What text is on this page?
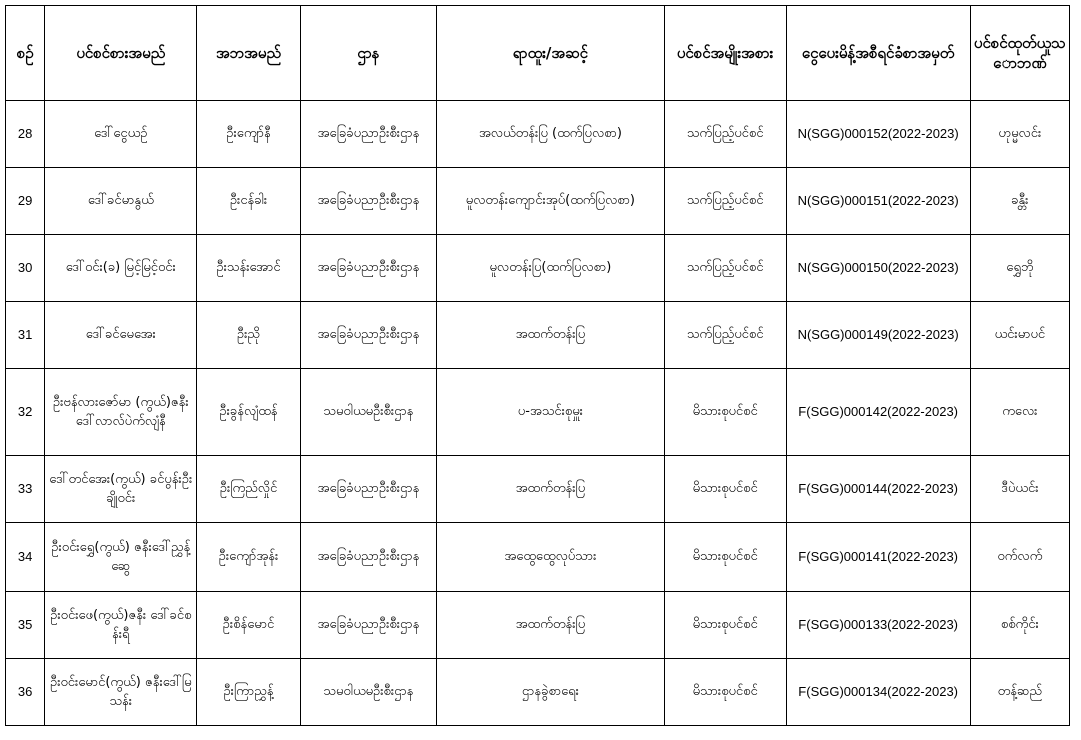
စဉ်	ပင်စင်စားအမည်	အဘအမည်	ဌာန	ရာထူး/အဆင့်	ပင်စင်အမျိုးအစား	ငွေပေးမိန့်အစီရင်ခံစာအမှတ်	ပင်စင်ထုတ်ယူသောဘဏ်
28	ဒေါ်ငွေယဉ်	ဦးကျော်နီ	အခြေခံပညာဦးစီးဌာန	အလယ်တန်းပြ (ထက်ပြလစာ)	သက်ပြည့်ပင်စင်	N(SGG)000152(2022-2023)	ဟုမ္မလင်း
29	ဒေါ်ခင်မာနွယ်	ဦးငန်ခါး	အခြေခံပညာဦးစီးဌာန	မူလတန်းကျောင်းအုပ်(ထက်ပြလစာ)	သက်ပြည့်ပင်စင်	N(SGG)000151(2022-2023)	ခန္တီး
30	ဒေါ်ဝင်း(ခ) မြင့်မြင့်ဝင်း	ဦးသန်းအောင်	အခြေခံပညာဦးစီးဌာန	မူလတန်းပြ(ထက်ပြလစာ)	သက်ပြည့်ပင်စင်	N(SGG)000150(2022-2023)	ရွှေဘို
31	ဒေါ်ခင်မေအေး	ဦးညို	အခြေခံပညာဦးစီးဌာန	အထက်တန်းပြ	သက်ပြည့်ပင်စင်	N(SGG)000149(2022-2023)	ယင်းမာပင်
32	ဦးဗန်လားဇော်မာ (ကွယ်)ဇနီး ဒေါ်လာလ်ပဲက်လျံနီ	ဦးခွန်လျံထန်	သမဝါယမဦးစီးဌာန	ပ-အသင်းစုမှူး	မိသားစုပင်စင်	F(SGG)000142(2022-2023)	ကလေး
33	ဒေါ်တင်အေး(ကွယ်) ခင်ပွန်းဦးချိုဝင်း	ဦးကြည်လှိုင်	အခြေခံပညာဦးစီးဌာန	အထက်တန်းပြ	မိသားစုပင်စင်	F(SGG)000144(2022-2023)	ဒီပဲယင်း
34	ဦးဝင်းရွှေ(ကွယ်) ဇနီးဒေါ်ညွှန့်ဆွေ	ဦးကျော်အုန်း	အခြေခံပညာဦးစီးဌာန	အထွေထွေလုပ်သား	မိသားစုပင်စင်	F(SGG)000141(2022-2023)	ဝက်လက်
35	ဦးဝင်းဖေ(ကွယ်)ဇနီး ဒေါ်ခင်စန်းရီ	ဦးစိန်မောင်	အခြေခံပညာဦးစီးဌာန	အထက်တန်းပြ	မိသားစုပင်စင်	F(SGG)000133(2022-2023)	စစ်ကိုင်း
36	ဦးဝင်းမောင်(ကွယ်) ဇနီးဒေါ်မြသန်း	ဦးကြာညွှန့်	သမဝါယမဦးစီးဌာန	ဌာနခွဲစာရေး	မိသားစုပင်စင်	F(SGG)000134(2022-2023)	တန့်ဆည်
